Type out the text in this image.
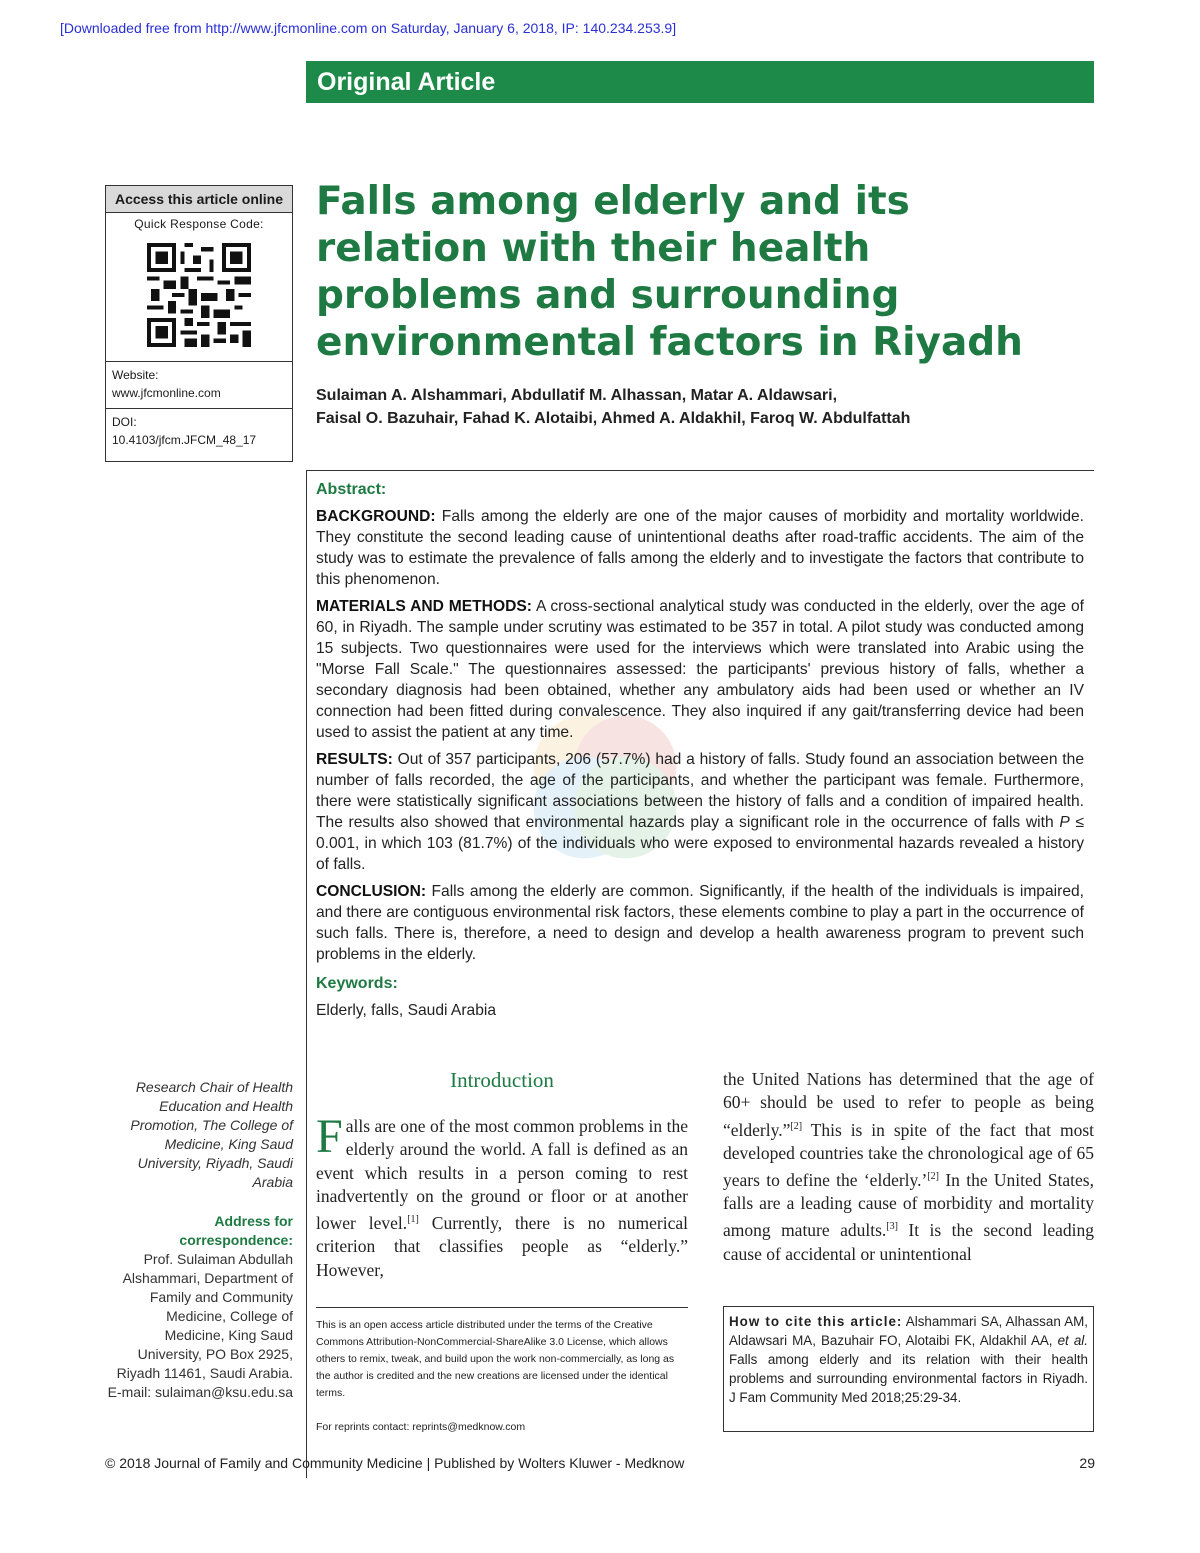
[Downloaded free from http://www.jfcmonline.com on Saturday, January 6, 2018, IP: 140.234.253.9]
Original Article
Access this article online
Quick Response Code:
Website:
www.jfcmonline.com
DOI:
10.4103/jfcm.JFCM_48_17
Falls among elderly and its relation with their health problems and surrounding environmental factors in Riyadh
Sulaiman A. Alshammari, Abdullatif M. Alhassan, Matar A. Aldawsari,
Faisal O. Bazuhair, Fahad K. Alotaibi, Ahmed A. Aldakhil, Faroq W. Abdulfattah
Abstract:

BACKGROUND: Falls among the elderly are one of the major causes of morbidity and mortality worldwide. They constitute the second leading cause of unintentional deaths after road-traffic accidents. The aim of the study was to estimate the prevalence of falls among the elderly and to investigate the factors that contribute to this phenomenon.

MATERIALS AND METHODS: A cross-sectional analytical study was conducted in the elderly, over the age of 60, in Riyadh. The sample under scrutiny was estimated to be 357 in total. A pilot study was conducted among 15 subjects. Two questionnaires were used for the interviews which were translated into Arabic using the "Morse Fall Scale." The questionnaires assessed: the participants' previous history of falls, whether a secondary diagnosis had been obtained, whether any ambulatory aids had been used or whether an IV connection had been fitted during convalescence. They also inquired if any gait/transferring device had been used to assist the patient at any time.

RESULTS: Out of 357 participants, 206 (57.7%) had a history of falls. Study found an association between the number of falls recorded, the age of the participants, and whether the participant was female. Furthermore, there were statistically significant associations between the history of falls and a condition of impaired health. The results also showed that environmental hazards play a significant role in the occurrence of falls with P ≤ 0.001, in which 103 (81.7%) of the individuals who were exposed to environmental hazards revealed a history of falls.

CONCLUSION: Falls among the elderly are common. Significantly, if the health of the individuals is impaired, and there are contiguous environmental risk factors, these elements combine to play a part in the occurrence of such falls. There is, therefore, a need to design and develop a health awareness program to prevent such problems in the elderly.

Keywords:
Elderly, falls, Saudi Arabia
Research Chair of Health Education and Health Promotion, The College of Medicine, King Saud University, Riyadh, Saudi Arabia
Address for correspondence:
Prof. Sulaiman Abdullah Alshammari, Department of Family and Community Medicine, College of Medicine, King Saud University, PO Box 2925, Riyadh 11461, Saudi Arabia. E-mail: sulaiman@ksu.edu.sa
Introduction
Falls are one of the most common problems in the elderly around the world. A fall is defined as an event which results in a person coming to rest inadvertently on the ground or floor or at another lower level.[1] Currently, there is no numerical criterion that classifies people as “elderly.” However,
the United Nations has determined that the age of 60+ should be used to refer to people as being “elderly.”[2] This is in spite of the fact that most developed countries take the chronological age of 65 years to define the ‘elderly.’[2] In the United States, falls are a leading cause of morbidity and mortality among mature adults.[3] It is the second leading cause of accidental or unintentional
This is an open access article distributed under the terms of the Creative Commons Attribution-NonCommercial-ShareAlike 3.0 License, which allows others to remix, tweak, and build upon the work non-commercially, as long as the author is credited and the new creations are licensed under the identical terms.
For reprints contact: reprints@medknow.com
How to cite this article: Alshammari SA, Alhassan AM, Aldawsari MA, Bazuhair FO, Alotaibi FK, Aldakhil AA, et al. Falls among elderly and its relation with their health problems and surrounding environmental factors in Riyadh. J Fam Community Med 2018;25:29-34.
© 2018 Journal of Family and Community Medicine | Published by Wolters Kluwer - Medknow	29
